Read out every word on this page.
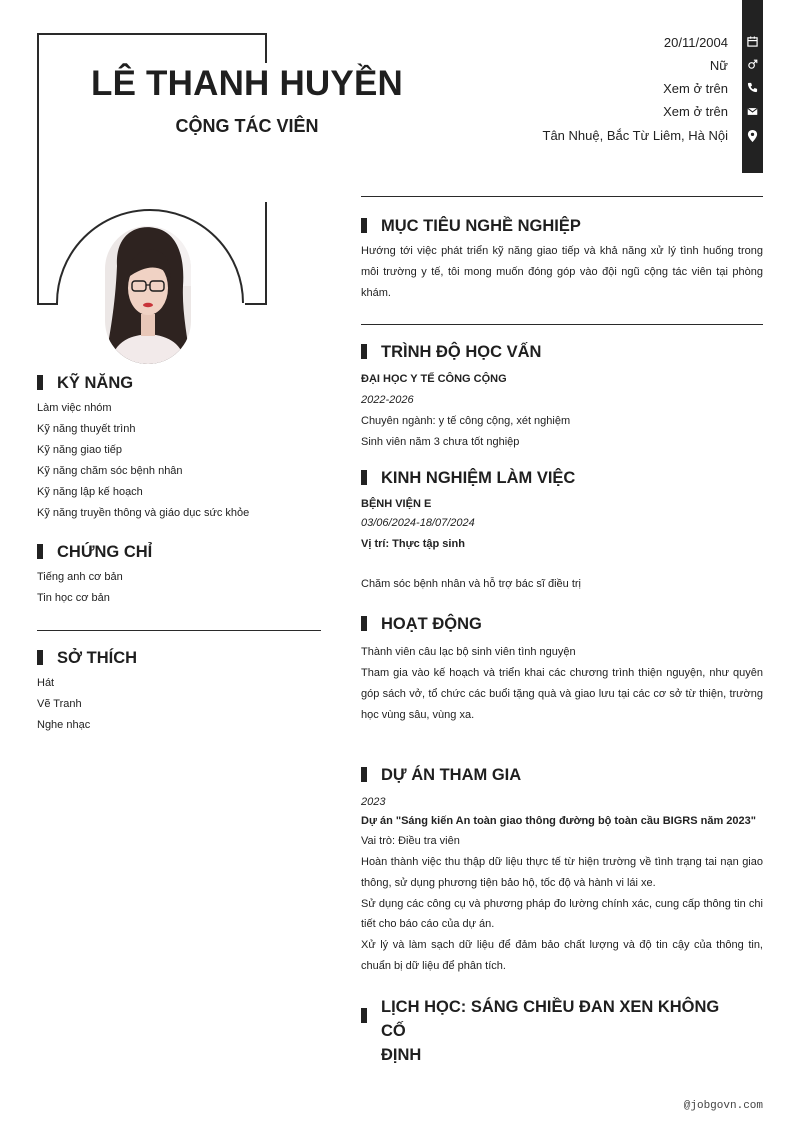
LÊ THANH HUYỀN
CỘNG TÁC VIÊN
20/11/2004
Nữ
Xem ở trên
Xem ở trên
Tân Nhuệ, Bắc Từ Liêm, Hà Nội
KỸ NĂNG
Làm việc nhóm
Kỹ năng thuyết trình
Kỹ năng giao tiếp
Kỹ năng chăm sóc bệnh nhân
Kỹ năng lập kế hoạch
Kỹ năng truyền thông và giáo dục sức khỏe
CHỨNG CHỈ
Tiếng anh cơ bản
Tin học cơ bản
SỞ THÍCH
Hát
Vẽ Tranh
Nghe nhạc
MỤC TIÊU NGHỀ NGHIỆP
Hướng tới việc phát triển kỹ năng giao tiếp và khả năng xử lý tình huống trong môi trường y tế, tôi mong muốn đóng góp vào đội ngũ cộng tác viên tại phòng khám.
TRÌNH ĐỘ HỌC VẤN
ĐẠI HỌC Y TẾ CÔNG CỘNG
2022-2026
Chuyên ngành: y tế công cộng, xét nghiệm
Sinh viên năm 3 chưa tốt nghiệp
KINH NGHIỆM LÀM VIỆC
BỆNH VIỆN E
03/06/2024-18/07/2024
Vị trí: Thực tập sinh
Chăm sóc bệnh nhân và hỗ trợ bác sĩ điều trị
HOẠT ĐỘNG
Thành viên câu lạc bộ sinh viên tình nguyện
Tham gia vào kế hoạch và triển khai các chương trình thiện nguyện, như quyên góp sách vở, tổ chức các buổi tặng quà và giao lưu tại các cơ sở từ thiện, trường học vùng sâu, vùng xa.
DỰ ÁN THAM GIA
2023
Dự án "Sáng kiến An toàn giao thông đường bộ toàn cầu BIGRS năm 2023"
Vai trò: Điều tra viên
Hoàn thành việc thu thập dữ liệu thực tế từ hiện trường về tình trạng tai nạn giao thông, sử dụng phương tiện bảo hộ, tốc độ và hành vi lái xe.
Sử dụng các công cụ và phương pháp đo lường chính xác, cung cấp thông tin chi tiết cho báo cáo của dự án.
Xử lý và làm sạch dữ liệu để đảm bảo chất lượng và độ tin cậy của thông tin, chuẩn bị dữ liệu để phân tích.
LỊCH HỌC: SÁNG CHIỀU ĐAN XEN KHÔNG CỐ
ĐỊNH
@jobgovn.com
